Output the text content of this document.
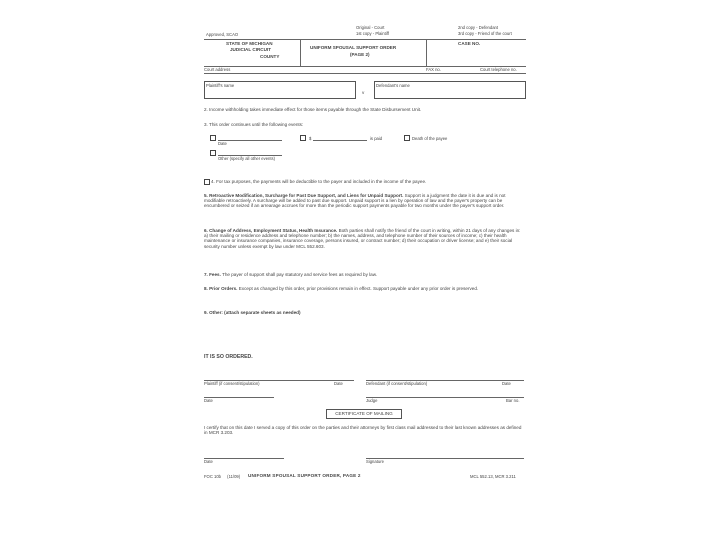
Approved, SCAO
Original - Court
1st copy - Plaintiff
2nd copy - Defendant
3rd copy - Friend of the court
STATE OF MICHIGAN
JUDICIAL CIRCUIT
COUNTY
UNIFORM SPOUSAL SUPPORT ORDER
(PAGE 2)
CASE NO.
Court address	FAX no.	Court telephone no.
Plaintiff's name
v
Defendant's name
2. Income withholding takes immediate effect for those items payable through the State Disbursement Unit.
3. This order continues until the following events:
Date
$	is paid	Death of the payee
Other (specify all other events)
4. For tax purposes, the payments will be deductible to the payer and included in the income of the payee.
5. Retroactive Modification, Surcharge for Past Due Support, and Liens for Unpaid Support. Support is a judgment the date it is due and is not modifiable retroactively. A surcharge will be added to past due support. Unpaid support is a lien by operation of law and the payer's property can be encumbered or seized if an arrearage accrues for more than the periodic support payments payable for two months under the payer's support order.
6. Change of Address, Employment Status, Health Insurance. Both parties shall notify the friend of the court in writing, within 21 days of any changes in: a) their mailing or residence address and telephone number; b) the names, address, and telephone number of their sources of income; c) their health maintenance or insurance companies, insurance coverage, persons insured, or contract number; d) their occupation or driver license; and e) their social security number unless exempt by law under MCL 552.603.
7. Fees. The payer of support shall pay statutory and service fees as required by law.
8. Prior Orders. Except as changed by this order, prior provisions remain in effect. Support payable under any prior order is preserved.
9. Other: (attach separate sheets as needed)
IT IS SO ORDERED.
Plaintiff (if consent/stipulation)	Date	Defendant (if consent/stipulation)	Date
Date	Judge	Bar no.
CERTIFICATE OF MAILING
I certify that on this date I served a copy of this order on the parties and their attorneys by first class mail addressed to their last known addresses as defined in MCR 3.203.
Date	Signature
FOC 10b (11/09) UNIFORM SPOUSAL SUPPORT ORDER, PAGE 2	MCL 552.13, MCR 3.211
